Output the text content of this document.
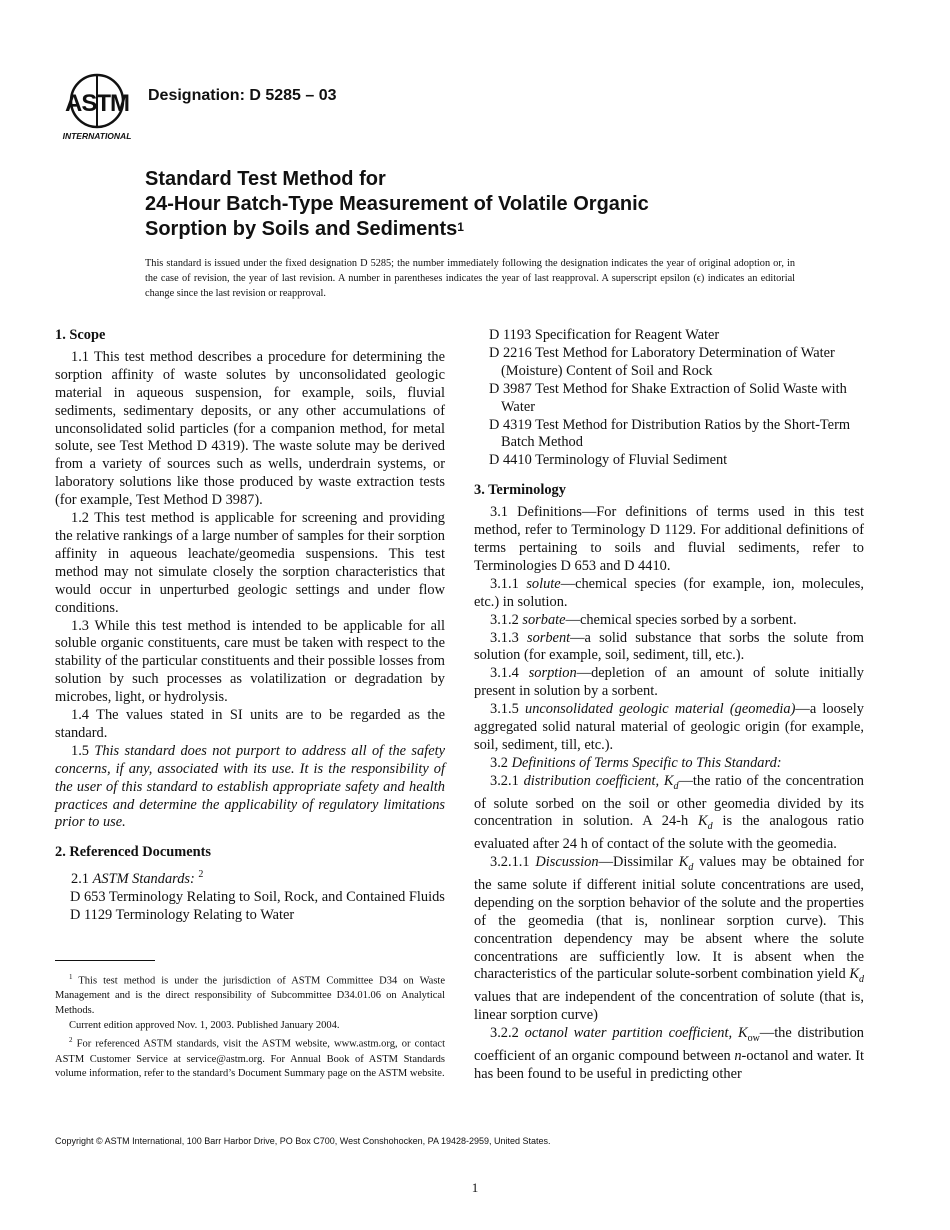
ASTM
INTERNATIONAL
Designation: D 5285 – 03
Standard Test Method for
24-Hour Batch-Type Measurement of Volatile Organic
Sorption by Soils and Sediments$^1$
This standard is issued under the fixed designation D 5285; the number immediately following the designation indicates the year of original adoption or, in the case of revision, the year of last revision. A number in parentheses indicates the year of last reapproval. A superscript epsilon (ϵ) indicates an editorial change since the last revision or reapproval.

1. Scope

1.1 This test method describes a procedure for determining the sorption affinity of waste solutes by unconsolidated geologic material in aqueous suspension, for example, soils, fluvial sediments, sedimentary deposits, or any other accumulations of unconsolidated solid particles (for a companion method, for metal solute, see Test Method D 4319). The waste solute may be derived from a variety of sources such as wells, underdrain systems, or laboratory solutions like those produced by waste extraction tests (for example, Test Method D 3987).

1.2 This test method is applicable for screening and providing the relative rankings of a large number of samples for their sorption affinity in aqueous leachate/geomedia suspensions. This test method may not simulate closely the sorption characteristics that would occur in unperturbed geologic settings and under flow conditions.

1.3 While this test method is intended to be applicable for all soluble organic constituents, care must be taken with respect to the stability of the particular constituents and their possible losses from solution by such processes as volatilization or degradation by microbes, light, or hydrolysis.

1.4 The values stated in SI units are to be regarded as the standard.

1.5 This standard does not purport to address all of the safety concerns, if any, associated with its use. It is the responsibility of the user of this standard to establish appropriate safety and health practices and determine the applicability of regulatory limitations prior to use.

2. Referenced Documents

2.1 ASTM Standards: $^2$

D 653 Terminology Relating to Soil, Rock, and Contained Fluids

D 1129 Terminology Relating to Water

D 1193 Specification for Reagent Water

D 2216 Test Method for Laboratory Determination of Water (Moisture) Content of Soil and Rock

D 3987 Test Method for Shake Extraction of Solid Waste with Water

D 4319 Test Method for Distribution Ratios by the Short-Term Batch Method

D 4410 Terminology of Fluvial Sediment

3. Terminology

3.1 Definitions—For definitions of terms used in this test method, refer to Terminology D 1129. For additional definitions of terms pertaining to soils and fluvial sediments, refer to Terminologies D 653 and D 4410.

3.1.1 solute—chemical species (for example, ion, molecules, etc.) in solution.

3.1.2 sorbate—chemical species sorbed by a sorbent.

3.1.3 sorbent—a solid substance that sorbs the solute from solution (for example, soil, sediment, till, etc.).

3.1.4 sorption—depletion of an amount of solute initially present in solution by a sorbent.

3.1.5 unconsolidated geologic material (geomedia)—a loosely aggregated solid natural material of geologic origin (for example, soil, sediment, till, etc.).

3.2 Definitions of Terms Specific to This Standard:

3.2.1 distribution coefficient, $K_d—the$ ratio of the concentration of solute sorbed on the soil or other geomedia divided by its concentration in solution. A 24-h $K_d$ is the analogous ratio evaluated after 24 h of contact of the solute with the geomedia.

3.2.1.1 Discussion—Dissimilar $K_d$ values may be obtained for the same solute if different initial solute concentrations are used, depending on the sorption behavior of the solute and the properties of the geomedia (that is, nonlinear sorption curve). This concentration dependency may be absent where the solute concentrations are sufficiently low. It is absent when the characteristics of the particular solute-sorbent combination yield $K_d$ values that are independent of the concentration of solute (that is, linear sorption curve)

3.2.2 octanol water partition coefficient, $K_{ow}—the$ distribution coefficient of an organic compound between n-octanol and water. It has been found to be useful in predicting other

$^1$ This test method is under the jurisdiction of ASTM Committee D34 on Waste Management and is the direct responsibility of Subcommittee D34.01.06 on Analytical Methods.

Current edition approved Nov. 1, 2003. Published January 2004.

$^2$ For referenced ASTM standards, visit the ASTM website, www.astm.org, or contact ASTM Customer Service at service@astm.org. For Annual Book of ASTM Standards volume information, refer to the standard’s Document Summary page on the ASTM website.

Copyright © ASTM International, 100 Barr Harbor Drive, PO Box C700, West Conshohocken, PA 19428-2959, United States.
1
